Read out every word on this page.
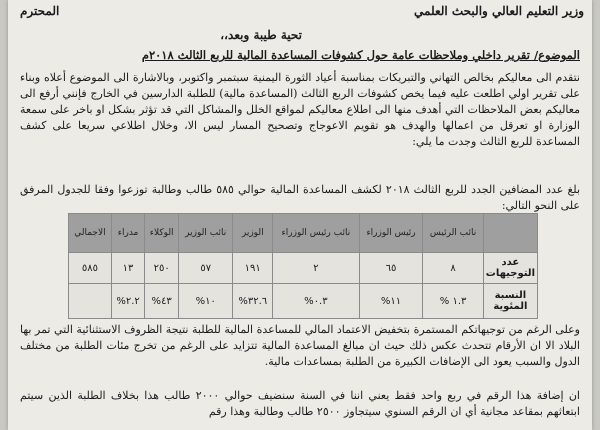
وزير التعليم العالي والبحث العلمي
المحترم
تحية طيبة وبعد،،
الموضوع/ تقرير داخلي وملاحظات عامة حول كشوفات المساعدة المالية للربع الثالث ٢٠١٨م
نتقدم الى معاليكم بخالص التهاني والتبريكات بمناسبة أعياد الثورة اليمنية سبتمبر واكتوبر، وبالاشارة الى الموضوع أعلاه وبناء على تقرير اولي اطلعت عليه فيما يخص كشوفات الربع الثالث (المساعدة مالية) للطلبة الدارسين في الخارج فإنني أرفع الى معاليكم بعض الملاحظات التي أهدف منها الى اطلاع معاليكم لمواقع الخلل والمشاكل التي قد تؤثر بشكل او باخر على سمعة الوزارة او تعرقل من اعمالها والهدف هو تقويم الاعوجاج وتصحيح المسار ليس الا، وخلال اطلاعي سريعا على كشف المساعدة للربع الثالث وجدت ما يلي:
بلغ عدد المضافين الجدد للربع الثالث ٢٠١٨ لكشف المساعدة المالية حوالي ٥٨٥ طالب وطالبة توزعوا وفقا للجدول المرفق على النحو التالي:
	نائب الرئيس	رئيس الوزراء	نائب رئيس الوزراء	الوزير	نائب الوزير	الوكلاء	مدراء	الاجمالي
عدد التوجيهات	٨	٦٥	٢	١٩١	٥٧	٢٥٠	١٣	٥٨٥
النسبة المئوية	١.٣ %	١١%	٠.٣%	٣٢.٦%	١٠%	٤٣%	٢.٢%	
وعلى الرغم من توجيهاتكم المستمرة بتخفيض الاعتماد المالي للمساعدة المالية للطلبة نتيجة الظروف الاستثنائية التي تمر بها البلاد الا ان الأرقام تتحدث عكس ذلك حيث ان مبالغ المساعدة المالية تتزايد على الرغم من تخرج مئات الطلبة من مختلف الدول والسبب يعود الى الإضافات الكبيرة من الطلبة بمساعدات مالية.
ان إضافة هذا الرقم في ربع واحد فقط يعني اننا في السنة سنضيف حوالي ٢٠٠٠ طالب هذا بخلاف الطلبة الذين سيتم ابتعاثهم بمقاعد مجانية أي ان الرقم السنوي سيتجاوز ٢٥٠٠ طالب وطالبة وهذا رقم
